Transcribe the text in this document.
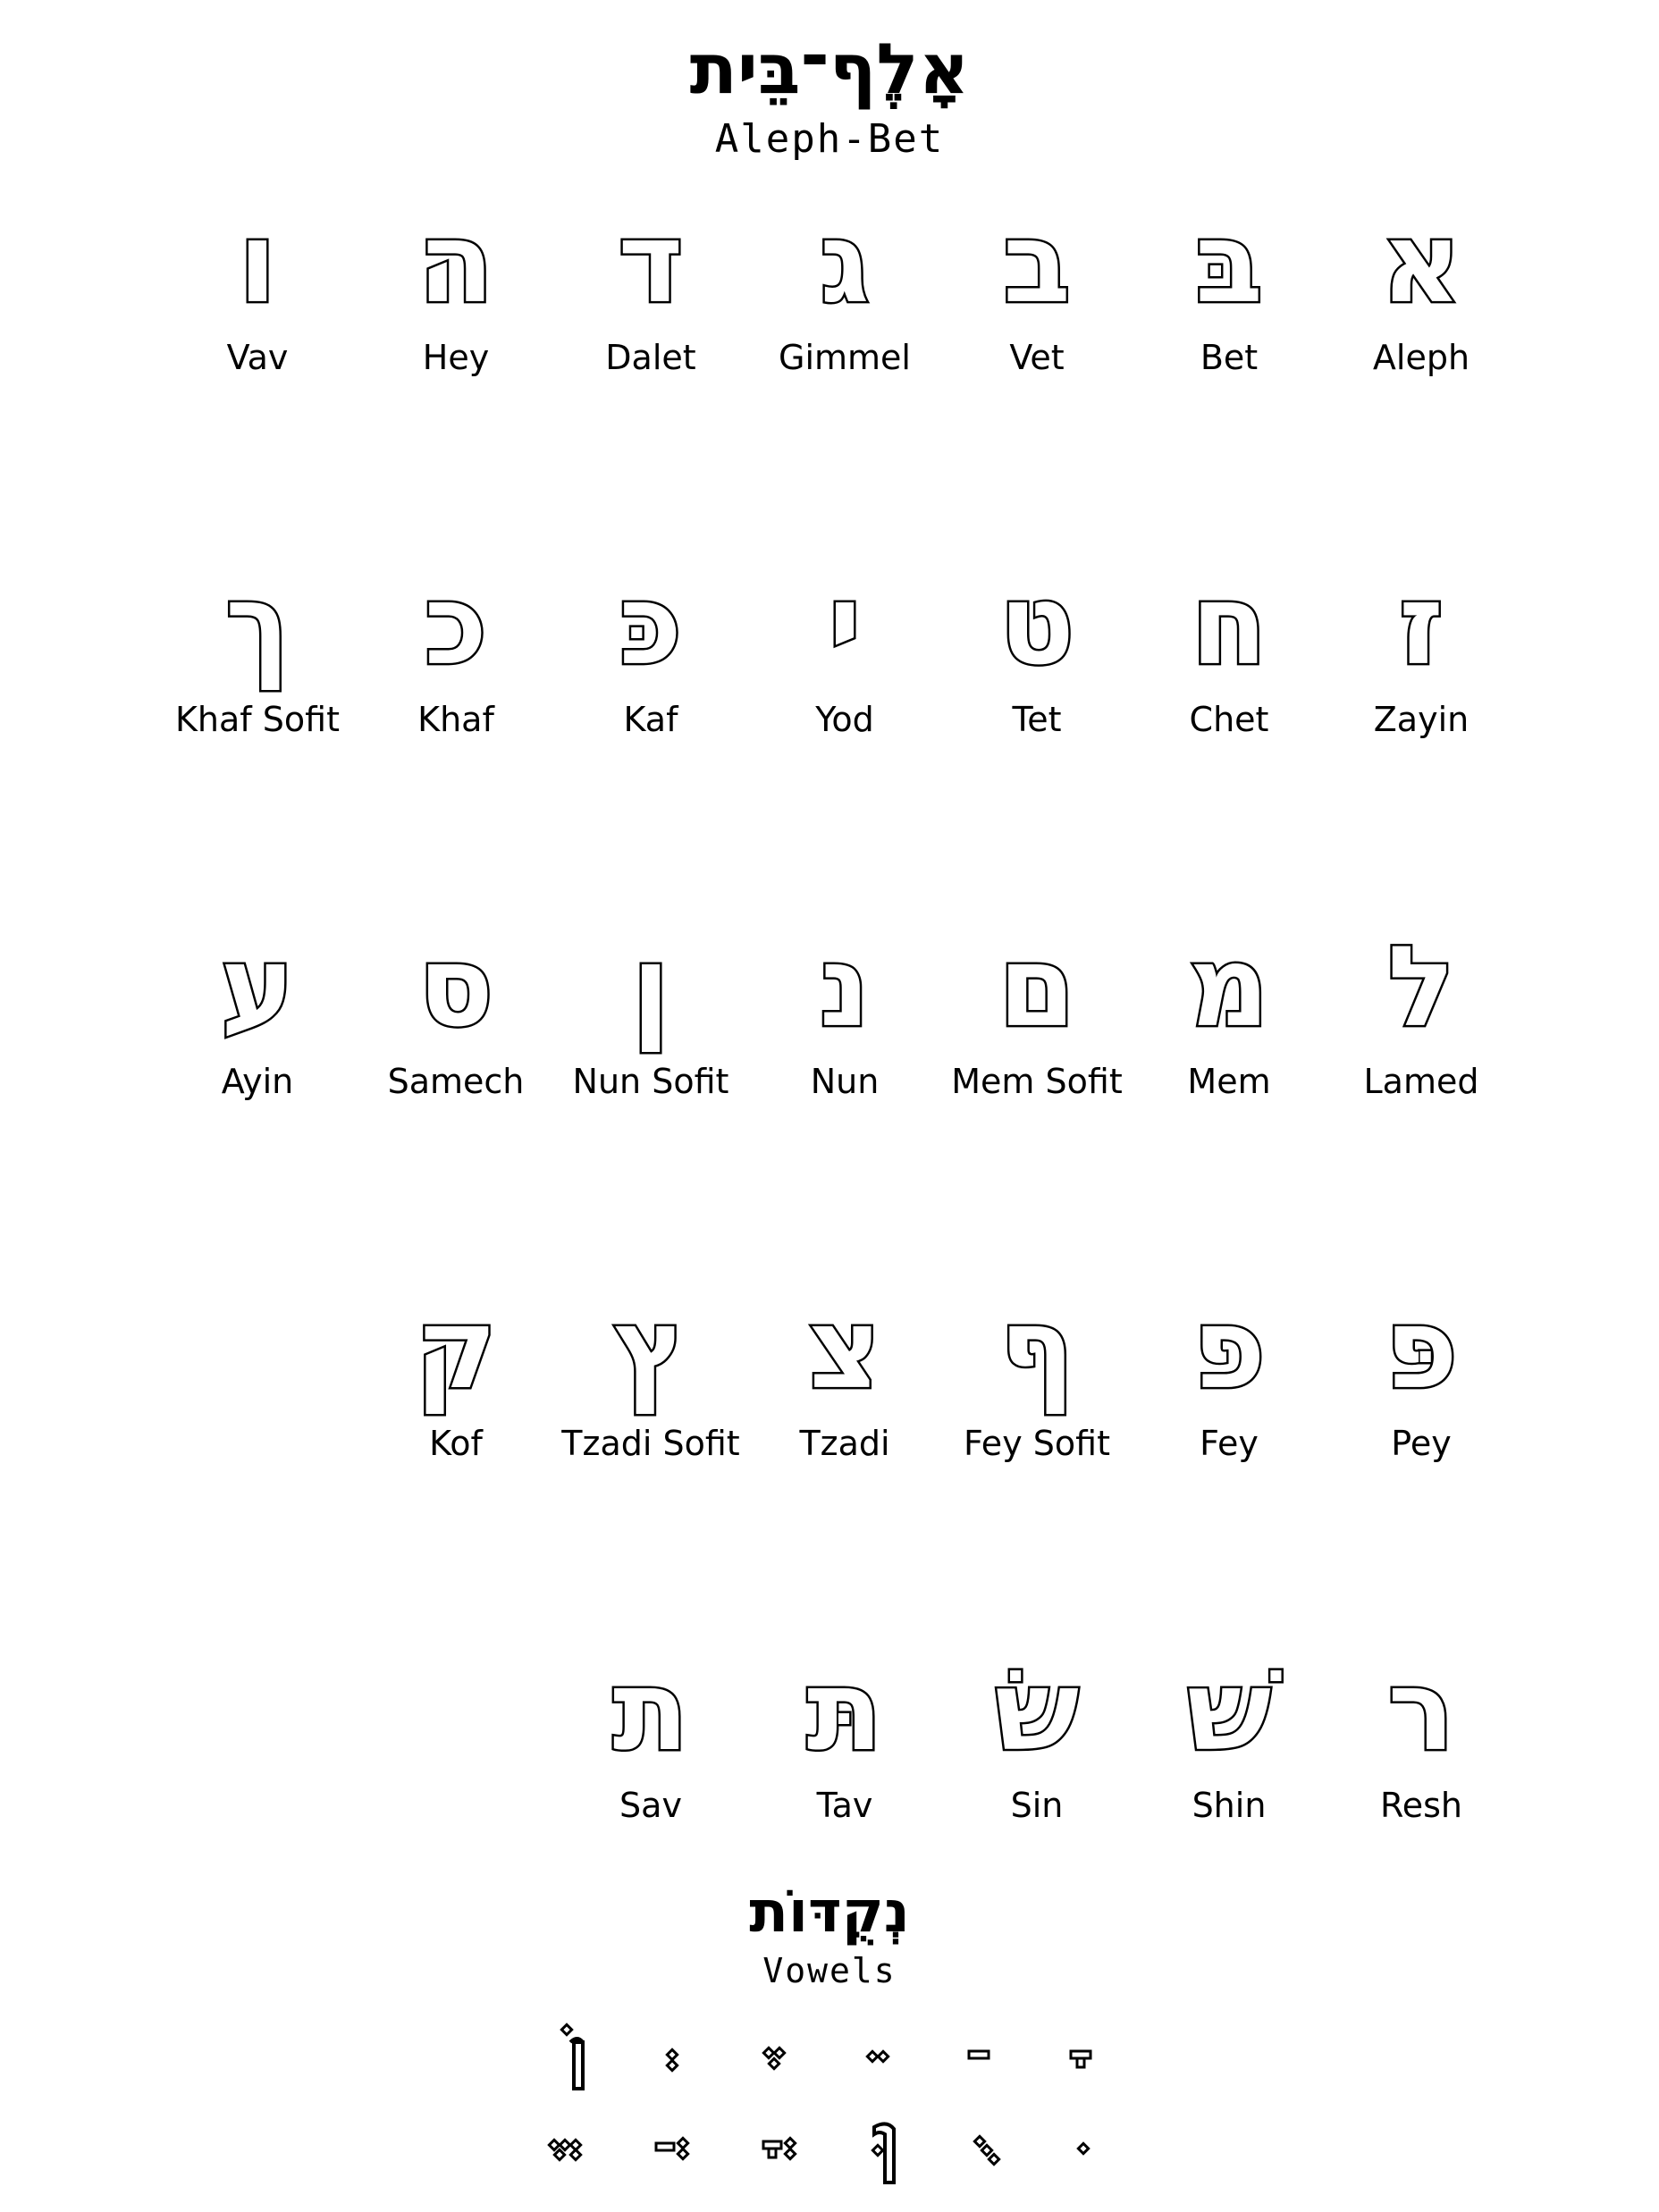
אָלֶף־בֵּית
Aleph-Bet
א
Aleph
בּ
Bet
ב
Vet
ג
Gimmel
ד
Dalet
ה
Hey
ו
Vav
ז
Zayin
ח
Chet
ט
Tet
י
Yod
כּ
Kaf
כ
Khaf
ך
Khaf Sofit
ל
Lamed
מ
Mem
ם
Mem Sofit
נ
Nun
ן
Nun Sofit
ס
Samech
ע
Ayin
פּ
Pey
פ
Fey
ף
Fey Sofit
צ
Tzadi
ץ
Tzadi Sofit
ק
Kof
ר
Resh
שׁ
Shin
שׂ
Sin
תּ
Tav
ת
Sav
נְקֻדּוֹת
Vowels
